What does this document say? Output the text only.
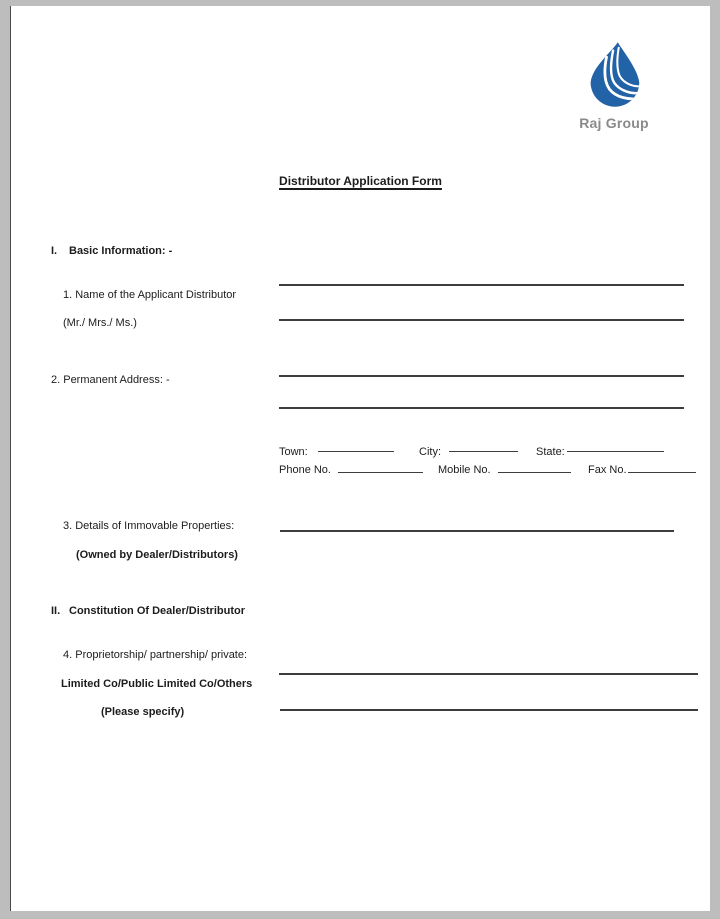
Raj Group
Distributor Application Form
I.	Basic Information: -
1. Name of the Applicant Distributor
(Mr./ Mrs./ Ms.)
2. Permanent Address: -
Town:	City:	State:
Phone No.	Mobile No.	Fax No.
3. Details of Immovable Properties:
(Owned by Dealer/Distributors)
II. Constitution Of Dealer/Distributor
4. Proprietorship/ partnership/ private:
Limited Co/Public Limited Co/Others
(Please specify)
